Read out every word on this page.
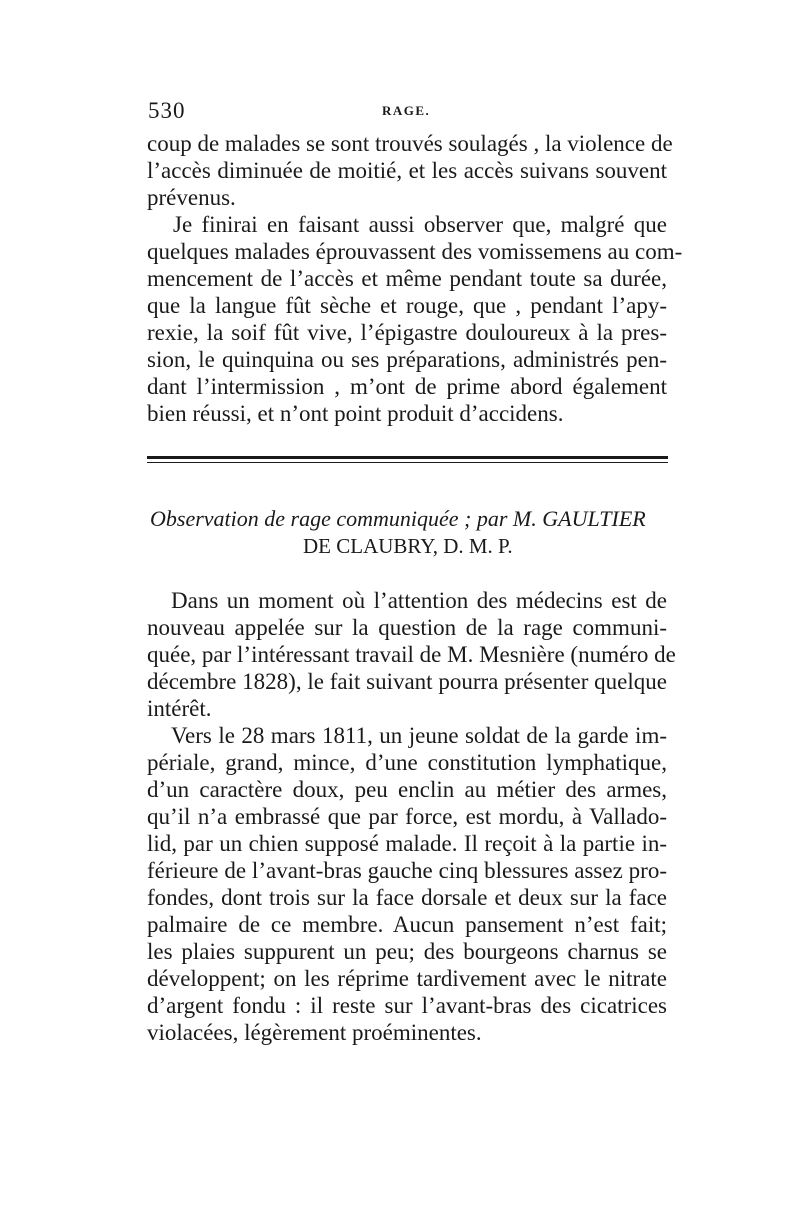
530	RAGE.
coup de malades se sont trouvés soulagés , la violence de
l’accès diminuée de moitié, et les accès suivans souvent
prévenus.
Je finirai en faisant aussi observer que, malgré que
quelques malades éprouvassent des vomissemens au com-
mencement de l’accès et même pendant toute sa durée,
que la langue fût sèche et rouge, que , pendant l’apy-
rexie, la soif fût vive, l’épigastre douloureux à la pres-
sion, le quinquina ou ses préparations, administrés pen-
dant l’intermission , m’ont de prime abord également
bien réussi, et n’ont point produit d’accidens.
Observation de rage communiquée ; par M. GAULTIER
DE CLAUBRY, D. M. P.
Dans un moment où l’attention des médecins est de
nouveau appelée sur la question de la rage communi-
quée, par l’intéressant travail de M. Mesnière (numéro de
décembre 1828), le fait suivant pourra présenter quelque
intérêt.
Vers le 28 mars 1811, un jeune soldat de la garde im-
périale, grand, mince, d’une constitution lymphatique,
d’un caractère doux, peu enclin au métier des armes,
qu’il n’a embrassé que par force, est mordu, à Vallado-
lid, par un chien supposé malade. Il reçoit à la partie in-
férieure de l’avant-bras gauche cinq blessures assez pro-
fondes, dont trois sur la face dorsale et deux sur la face
palmaire de ce membre. Aucun pansement n’est fait;
les plaies suppurent un peu; des bourgeons charnus se
développent; on les réprime tardivement avec le nitrate
d’argent fondu : il reste sur l’avant-bras des cicatrices
violacées, légèrement proéminentes.
